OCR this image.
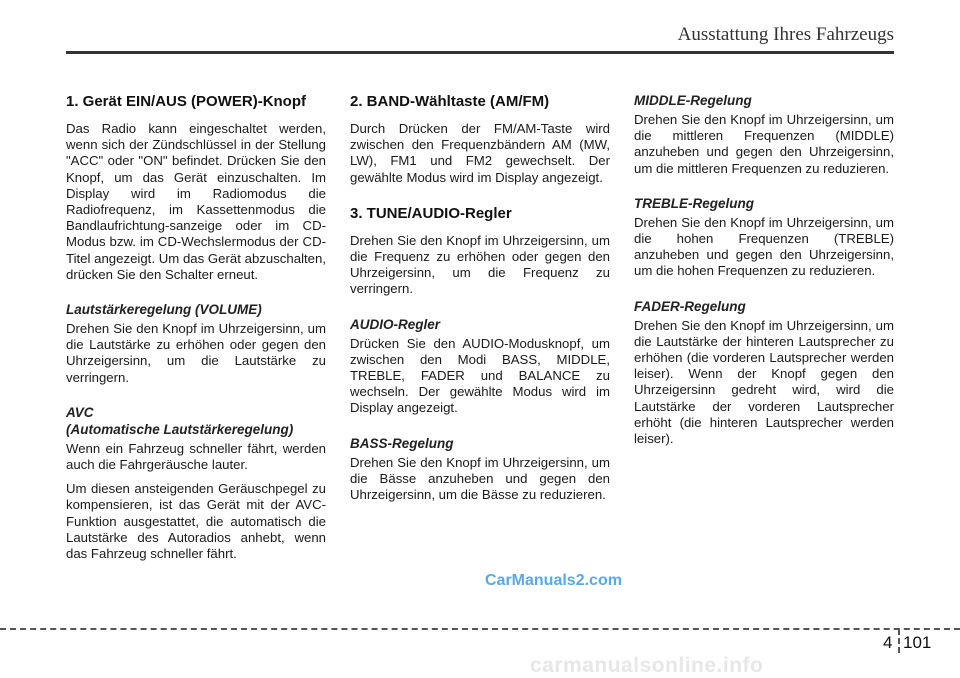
Ausstattung Ihres Fahrzeugs
1. Gerät EIN/AUS (POWER)-Knopf
Das Radio kann eingeschaltet werden, wenn sich der Zündschlüssel in der Stellung "ACC" oder "ON" befindet. Drücken Sie den Knopf, um das Gerät einzuschalten. Im Display wird im Radiomodus die Radiofrequenz, im Kassettenmodus die Bandlaufrichtung-sanzeige oder im CD-Modus bzw. im CD-Wechslermodus der CD-Titel angezeigt. Um das Gerät abzuschalten, drücken Sie den Schalter erneut.
Lautstärkeregelung (VOLUME)
Drehen Sie den Knopf im Uhrzeigersinn, um die Lautstärke zu erhöhen oder gegen den Uhrzeigersinn, um die Lautstärke zu verringern.
AVC
(Automatische Lautstärkeregelung)
Wenn ein Fahrzeug schneller fährt, werden auch die Fahrgeräusche lauter.
Um diesen ansteigenden Geräuschpegel zu kompensieren, ist das Gerät mit der AVC-Funktion ausgestattet, die automatisch die Lautstärke des Autoradios anhebt, wenn das Fahrzeug schneller fährt.
2. BAND-Wähltaste (AM/FM)
Durch Drücken der FM/AM-Taste wird zwischen den Frequenzbändern AM (MW, LW), FM1 und FM2 gewechselt. Der gewählte Modus wird im Display angezeigt.
3. TUNE/AUDIO-Regler
Drehen Sie den Knopf im Uhrzeigersinn, um die Frequenz zu erhöhen oder gegen den Uhrzeigersinn, um die Frequenz zu verringern.
AUDIO-Regler
Drücken Sie den AUDIO-Modusknopf, um zwischen den Modi BASS, MIDDLE, TREBLE, FADER und BALANCE zu wechseln. Der gewählte Modus wird im Display angezeigt.
BASS-Regelung
Drehen Sie den Knopf im Uhrzeigersinn, um die Bässe anzuheben und gegen den Uhrzeigersinn, um die Bässe zu reduzieren.
MIDDLE-Regelung
Drehen Sie den Knopf im Uhrzeigersinn, um die mittleren Frequenzen (MIDDLE) anzuheben und gegen den Uhrzeigersinn, um die mittleren Frequenzen zu reduzieren.
TREBLE-Regelung
Drehen Sie den Knopf im Uhrzeigersinn, um die hohen Frequenzen (TREBLE) anzuheben und gegen den Uhrzeigersinn, um die hohen Frequenzen zu reduzieren.
FADER-Regelung
Drehen Sie den Knopf im Uhrzeigersinn, um die Lautstärke der hinteren Lautsprecher zu erhöhen (die vorderen Lautsprecher werden leiser). Wenn der Knopf gegen den Uhrzeigersinn gedreht wird, wird die Lautstärke der vorderen Lautsprecher erhöht (die hinteren Lautsprecher werden leiser).
CarManuals2.com
4 101
carmanualsonline.info
